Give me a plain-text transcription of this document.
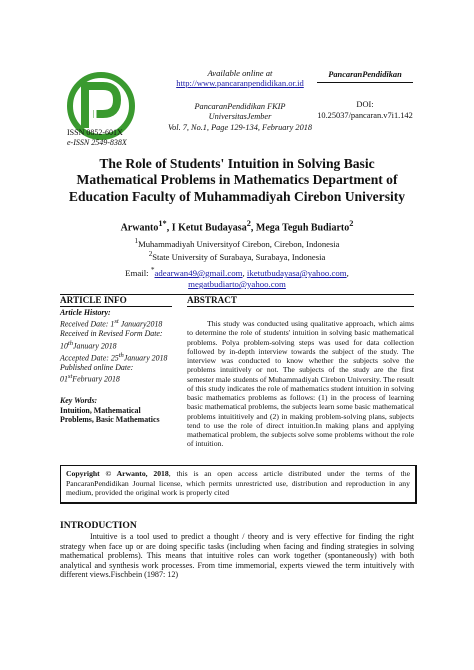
Available online at
http://www.pancaranpendidikan.or.id
PancaranPendidikan FKIP
UniversitasJember
Vol. 7, No.1, Page 129-134, February 2018
PancaranPendidikan
DOI:
10.25037/pancaran.v7i1.142
ISSN 0852-601X
e-ISSN 2549-838X
The Role of Students' Intuition in Solving Basic Mathematical Problems in Mathematics Department of Education Faculty of Muhammadiyah Cirebon University
Arwanto$^{1*}$, I Ketut Budayasa$^2$, Mega Teguh Budiarto$^2$
$^1$Muhammadiyah Universityof Cirebon, Cirebon, Indonesia
$^2$State University of Surabaya, Surabaya, Indonesia
Email: *adearwan49@gmail.com, iketutbudayasa@yahoo.com,
megatbudiarto@yahoo.com
ARTICLE INFO	ABSTRACT
Article History:
Received Date: 1st January2018
Received in Revised Form Date: 10thJanuary 2018
Accepted Date: 25thJanuary 2018
Published online Date:
01stFebruary 2018
Key Words:
Intuition, Mathematical Problems, Basic Mathematics

This study was conducted using qualitative approach, which aims to determine the role of students' intuition in solving basic mathematical problems. Polya problem-solving steps was used for data collection followed by in-depth interview towards the subject of the study. The interview was conducted to know whether the subjects solve the problems intuitively or not. The subjects of the study are the first semester male students of Muhammadiyah Cirebon University. The result of this study indicates the role of mathematics student intuition in solving basic mathematics problems as follows: (1) in the process of learning basic mathematical problems, the subjects learn some basic mathematical problems intuititively and (2) in making problem-solving plans, subjects tend to use the role of direct intuition.In making plans and applying mathematical problem, the subjects solve some problems without the role of intuition.

Copyright © Arwanto, 2018, this is an open access article distributed under the terms of the PancaranPendidikan Journal license, which permits unrestricted use, distribution and reproduction in any medium, provided the original work is properly cited
INTRODUCTION

Intuitive is a tool used to predict a thought / theory and is very effective for finding the right strategy when face up or are doing specific tasks (including when facing and finding strategies in solving mathematical problems). This means that intuitive roles can work together (spontaneously) with both analytical and synthesis work processes. From time immemorial, experts viewed the term intuitively with different views.Fischbein (1987: 12)
